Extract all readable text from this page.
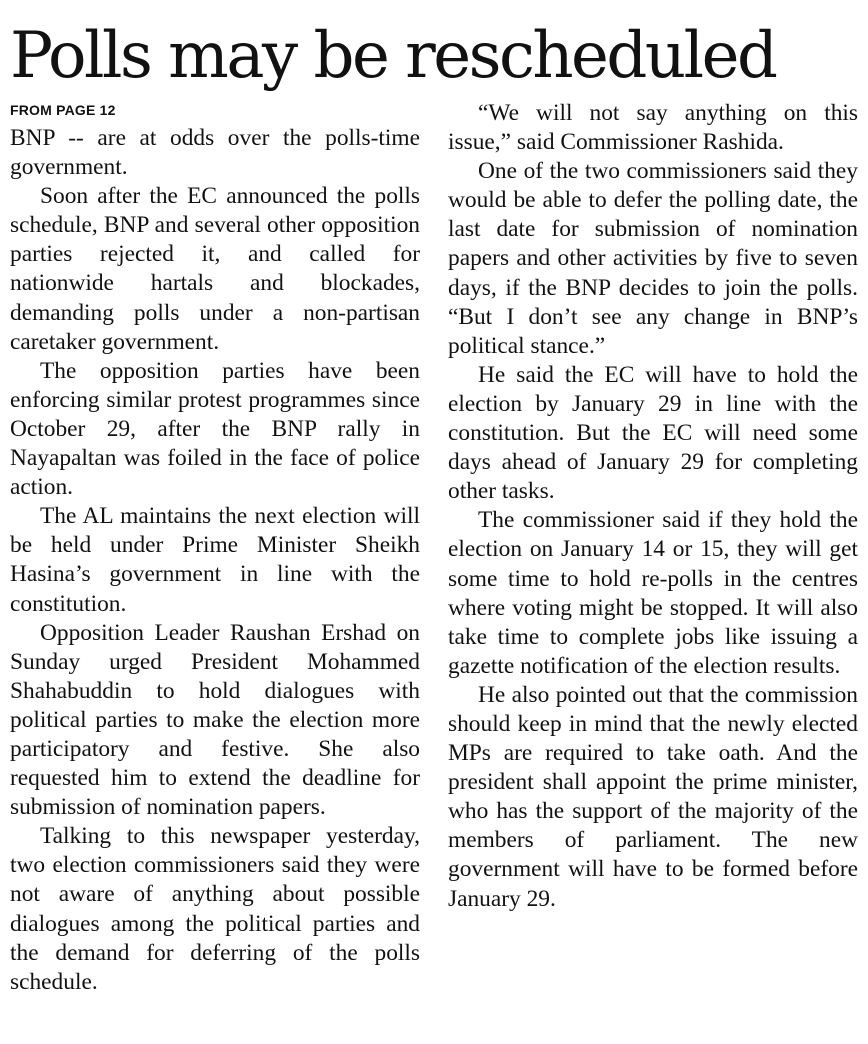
Polls may be rescheduled
FROM PAGE 12

BNP -- are at odds over the polls-time government.

Soon after the EC announced the polls schedule, BNP and several other opposition parties rejected it, and called for nationwide hartals and blockades, demanding polls under a non-partisan caretaker government.

The opposition parties have been enforcing similar protest programmes since October 29, after the BNP rally in Nayapaltan was foiled in the face of police action.

The AL maintains the next election will be held under Prime Minister Sheikh Hasina’s government in line with the constitution.

Opposition Leader Raushan Ershad on Sunday urged President Mohammed Shahabuddin to hold dialogues with political parties to make the election more participatory and festive. She also requested him to extend the deadline for submission of nomination papers.

Talking to this newspaper yesterday, two election commissioners said they were not aware of anything about possible dialogues among the political parties and the demand for deferring of the polls schedule.

“We will not say anything on this issue,” said Commissioner Rashida.

One of the two commissioners said they would be able to defer the polling date, the last date for submission of nomination papers and other activities by five to seven days, if the BNP decides to join the polls. “But I don’t see any change in BNP’s political stance.”

He said the EC will have to hold the election by January 29 in line with the constitution. But the EC will need some days ahead of January 29 for completing other tasks.

The commissioner said if they hold the election on January 14 or 15, they will get some time to hold re-polls in the centres where voting might be stopped. It will also take time to complete jobs like issuing a gazette notification of the election results.

He also pointed out that the commission should keep in mind that the newly elected MPs are required to take oath. And the president shall appoint the prime minister, who has the support of the majority of the members of parliament. The new government will have to be formed before January 29.
